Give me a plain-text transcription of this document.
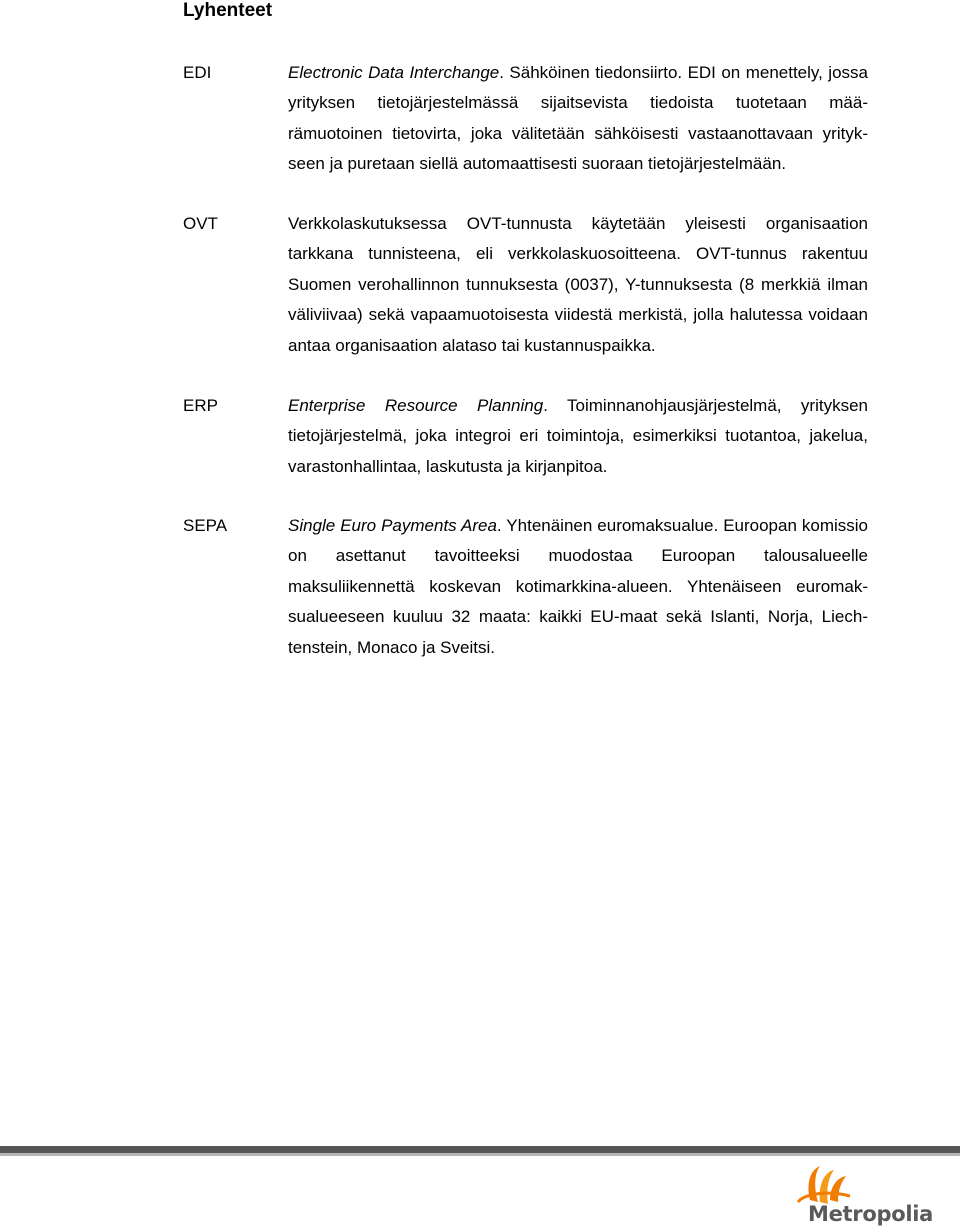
Lyhenteet
EDI	Electronic Data Interchange. Sähköinen tiedonsiirto. EDI on menettely, jossa yrityksen tietojärjestelmässä sijaitsevista tiedoista tuotetaan määrämuotoinen tietovirta, joka välitetään sähköisesti vastaanottavaan yritykseen ja puretaan siellä automaattisesti suoraan tietojärjestelmään.

OVT	Verkkolaskutuksessa OVT-tunnusta käytetään yleisesti organisaation tarkkana tunnisteena, eli verkkolaskuosoitteena. OVT-tunnus rakentuu Suomen verohallinnon tunnuksesta (0037), Y-tunnuksesta (8 merkkiä ilman väliviivaa) sekä vapaamuotoisesta viidestä merkistä, jolla halutessa voidaan antaa organisaation alataso tai kustannuspaikka.

ERP	Enterprise Resource Planning. Toiminnanohjausjärjestelmä, yrityksen tietojärjestelmä, joka integroi eri toimintoja, esimerkiksi tuotantoa, jakelua, varastonhallintaa, laskutusta ja kirjanpitoa.

SEPA	Single Euro Payments Area. Yhtenäinen euromaksualue. Euroopan komissio on asettanut tavoitteeksi muodostaa Euroopan talousalueelle maksuliikennettä koskevan kotimarkkina-alueen. Yhtenäiseen euromaksualueeseen kuuluu 32 maata: kaikki EU-maat sekä Islanti, Norja, Liechtenstein, Monaco ja Sveitsi.

Metropolia
